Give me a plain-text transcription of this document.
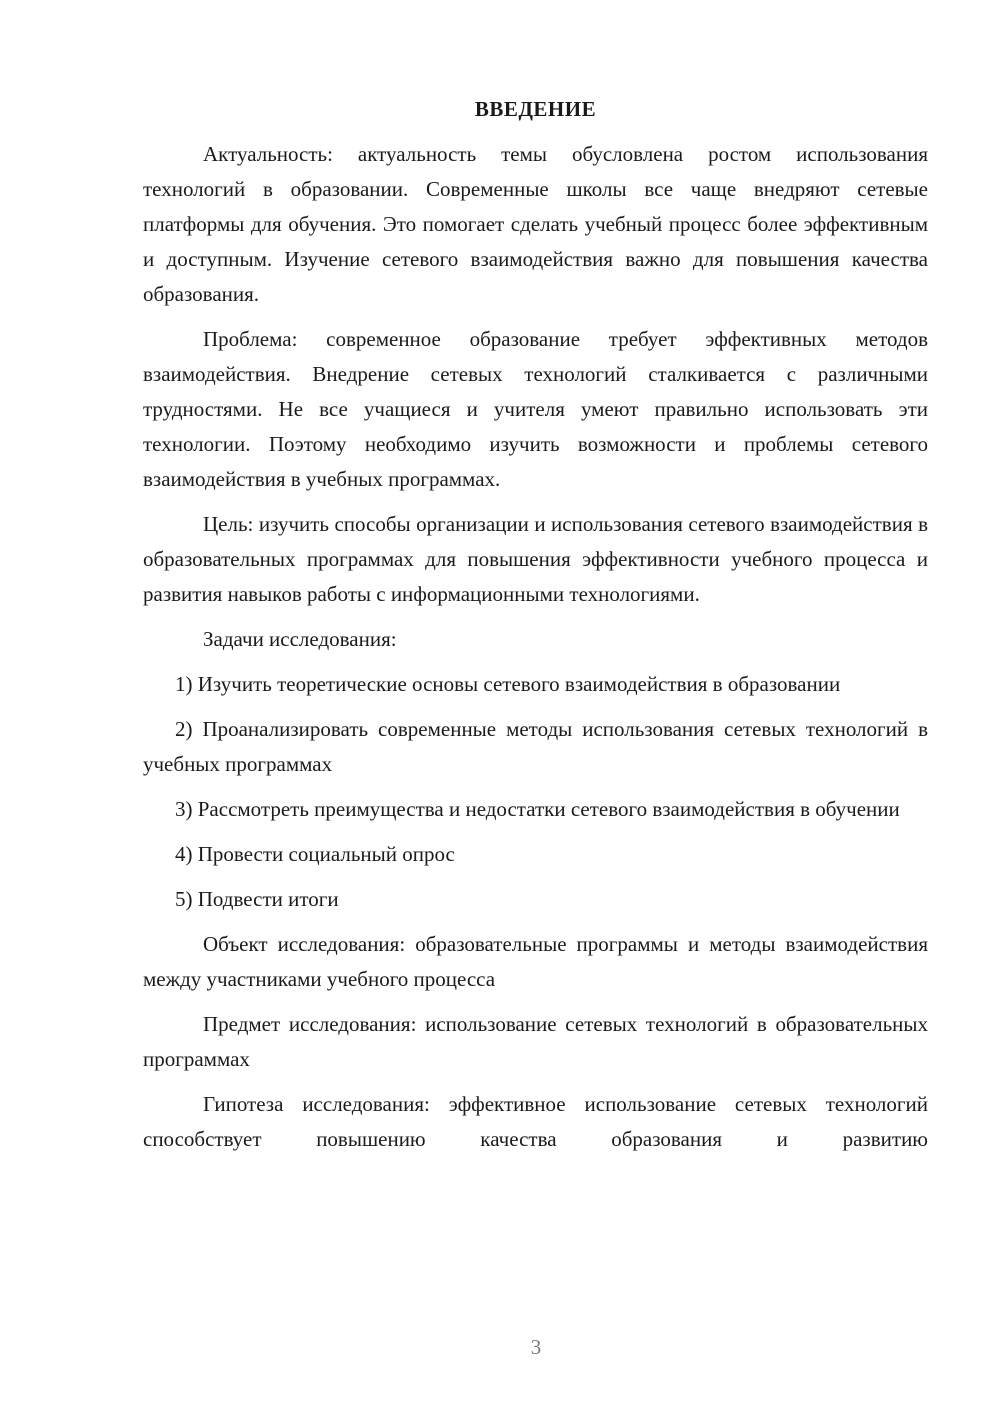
ВВЕДЕНИЕ

Актуальность: актуальность темы обусловлена ростом использования технологий в образовании. Современные школы все чаще внедряют сетевые платформы для обучения. Это помогает сделать учебный процесс более эффективным и доступным. Изучение сетевого взаимодействия важно для повышения качества образования.

Проблема: современное образование требует эффективных методов взаимодействия. Внедрение сетевых технологий сталкивается с различными трудностями. Не все учащиеся и учителя умеют правильно использовать эти технологии. Поэтому необходимо изучить возможности и проблемы сетевого взаимодействия в учебных программах.

Цель: изучить способы организации и использования сетевого взаимодействия в образовательных программах для повышения эффективности учебного процесса и развития навыков работы с информационными технологиями.

Задачи исследования:

1) Изучить теоретические основы сетевого взаимодействия в образовании

2) Проанализировать современные методы использования сетевых технологий в учебных программах

3) Рассмотреть преимущества и недостатки сетевого взаимодействия в обучении

4) Провести социальный опрос

5) Подвести итоги

Объект исследования: образовательные программы и методы взаимодействия между участниками учебного процесса

Предмет исследования: использование сетевых технологий в образовательных программах

Гипотеза исследования: эффективное использование сетевых технологий способствует повышению качества образования и развитию

3
